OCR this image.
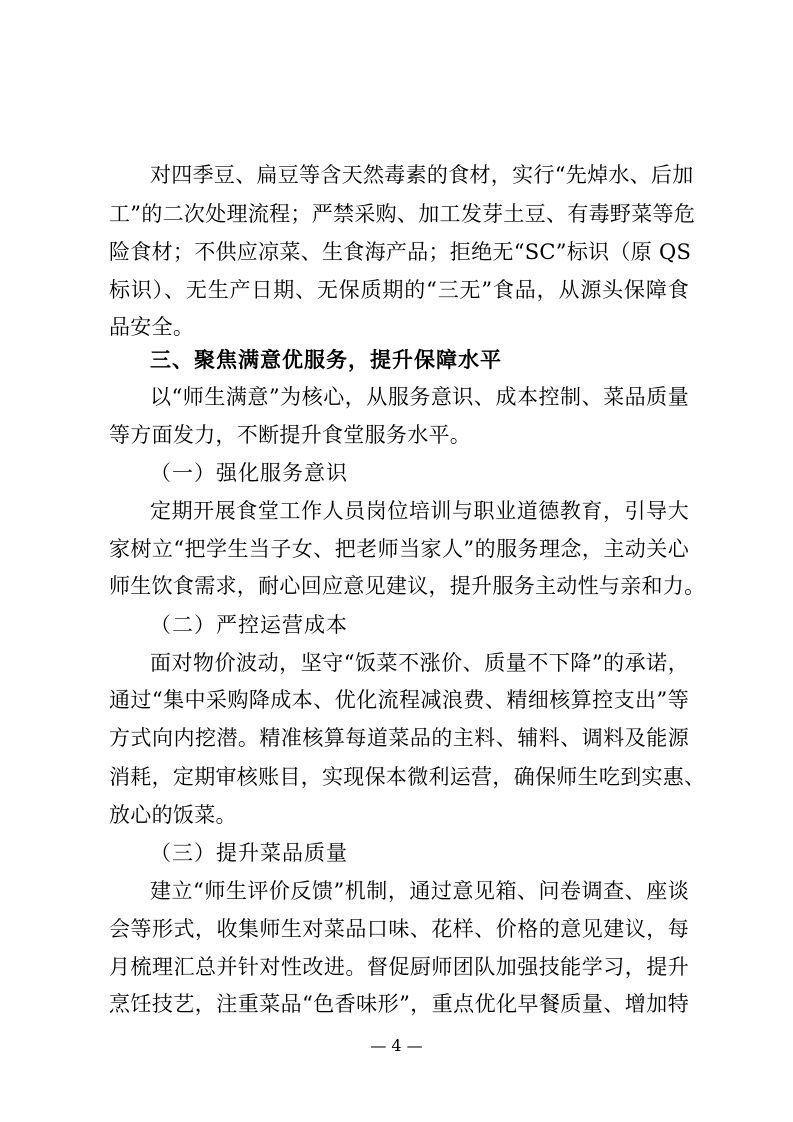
对四季豆、扁豆等含天然毒素的食材，实行“先焯水、后加
工”的二次处理流程；严禁采购、加工发芽土豆、有毒野菜等危
险食材；不供应凉菜、生食海产品；拒绝无“SC”标识（原 QS
标识）、无生产日期、无保质期的“三无”食品，从源头保障食
品安全。
三、聚焦满意优服务，提升保障水平
以“师生满意”为核心，从服务意识、成本控制、菜品质量
等方面发力，不断提升食堂服务水平。
（一）强化服务意识
定期开展食堂工作人员岗位培训与职业道德教育，引导大
家树立“把学生当子女、把老师当家人”的服务理念，主动关心
师生饮食需求，耐心回应意见建议，提升服务主动性与亲和力。
（二）严控运营成本
面对物价波动，坚守“饭菜不涨价、质量不下降”的承诺，
通过“集中采购降成本、优化流程减浪费、精细核算控支出”等
方式向内挖潜。精准核算每道菜品的主料、辅料、调料及能源
消耗，定期审核账目，实现保本微利运营，确保师生吃到实惠、
放心的饭菜。
（三）提升菜品质量
建立“师生评价反馈”机制，通过意见箱、问卷调查、座谈
会等形式，收集师生对菜品口味、花样、价格的意见建议，每
月梳理汇总并针对性改进。督促厨师团队加强技能学习，提升
烹饪技艺，注重菜品“色香味形”，重点优化早餐质量、增加特
— 4 —
